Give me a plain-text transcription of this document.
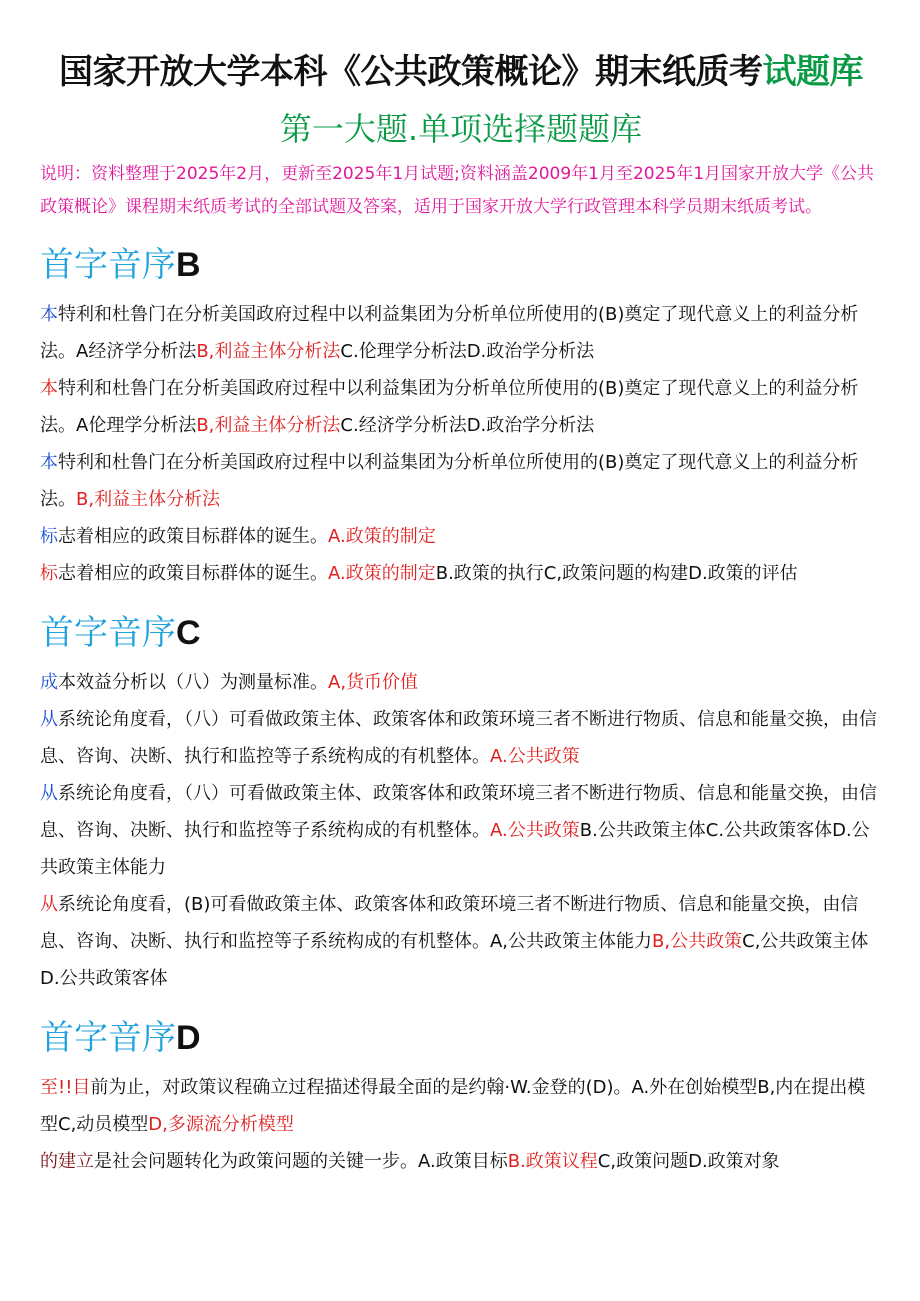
国家开放大学本科《公共政策概论》期末纸质考试题库
第一大题.单项选择题题库

说明：资料整理于2025年2月，更新至2025年1月试题;资料涵盖2009年1月至2025年1月国家开放大学《公共政策概论》课程期末纸质考试的全部试题及答案，适用于国家开放大学行政管理本科学员期末纸质考试。

首字音序B

本特利和杜鲁门在分析美国政府过程中以利益集团为分析单位所使用的(B)奠定了现代意义上的利益分析法。A经济学分析法B,利益主体分析法C.伦理学分析法D.政治学分析法

本特利和杜鲁门在分析美国政府过程中以利益集团为分析单位所使用的(B)奠定了现代意义上的利益分析法。A伦理学分析法B,利益主体分析法C.经济学分析法D.政治学分析法

本特利和杜鲁门在分析美国政府过程中以利益集团为分析单位所使用的(B)奠定了现代意义上的利益分析法。B,利益主体分析法

标志着相应的政策目标群体的诞生。A.政策的制定

标志着相应的政策目标群体的诞生。A.政策的制定B.政策的执行C,政策问题的构建D.政策的评估

首字音序C

成本效益分析以（八）为测量标准。A,货币价值

从系统论角度看，（八）可看做政策主体、政策客体和政策环境三者不断进行物质、信息和能量交换，由信息、咨询、决断、执行和监控等子系统构成的有机整体。A.公共政策

从系统论角度看，（八）可看做政策主体、政策客体和政策环境三者不断进行物质、信息和能量交换，由信息、咨询、决断、执行和监控等子系统构成的有机整体。A.公共政策B.公共政策主体C.公共政策客体D.公共政策主体能力

从系统论角度看，(B)可看做政策主体、政策客体和政策环境三者不断进行物质、信息和能量交换，由信息、咨询、决断、执行和监控等子系统构成的有机整体。A,公共政策主体能力B,公共政策C,公共政策主体D.公共政策客体

首字音序D

至!!目前为止，对政策议程确立过程描述得最全面的是约翰·W.金登的(D)。A.外在创始模型B,内在提出模型C,动员模型D,多源流分析模型

的建立是社会问题转化为政策问题的关键一步。A.政策目标B.政策议程C,政策问题D.政策对象
